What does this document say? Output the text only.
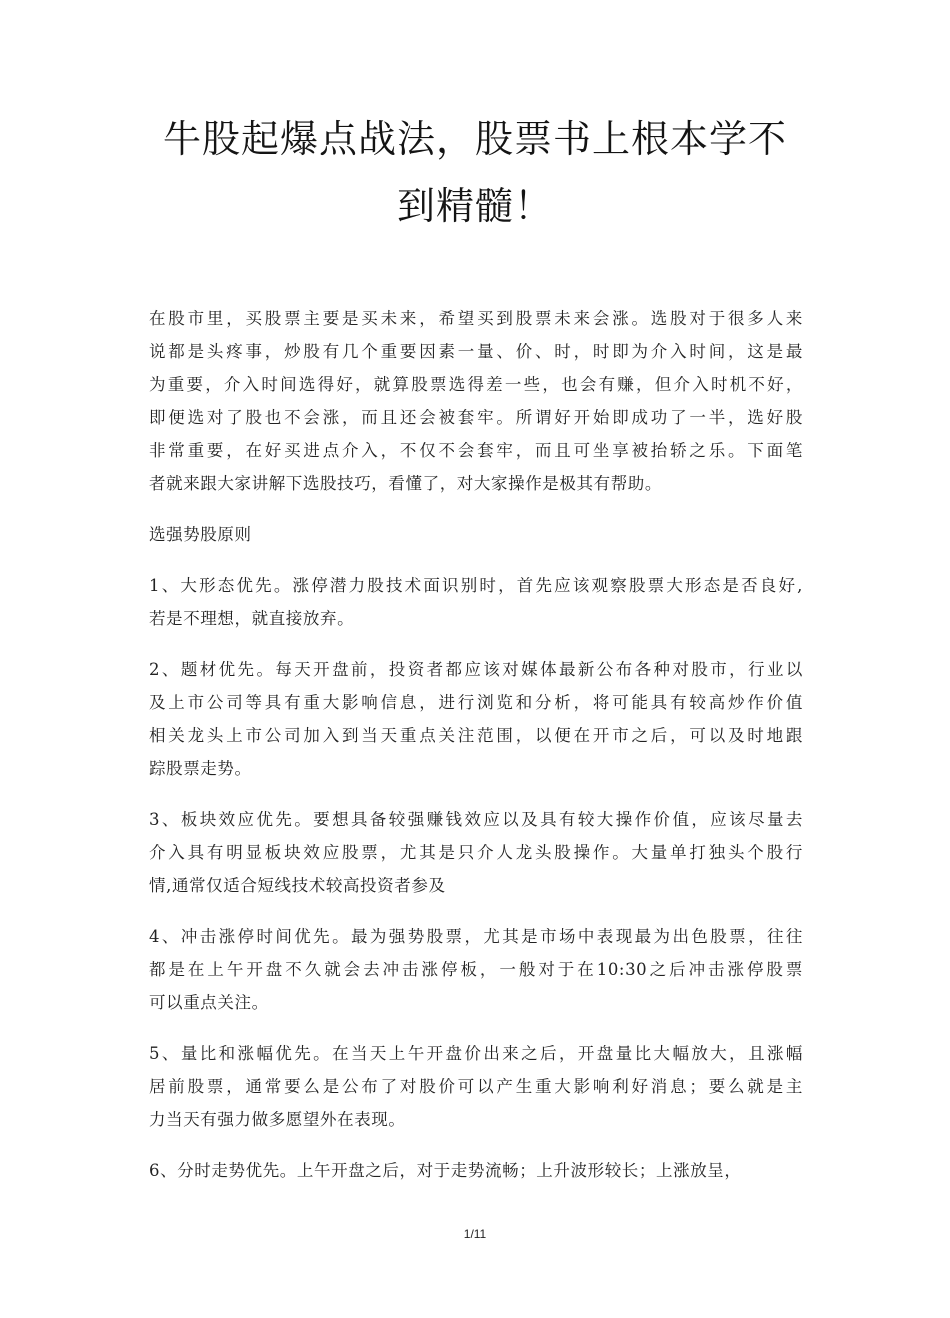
牛股起爆点战法，股票书上根本学不
到精髓！
在股市里，买股票主要是买未来，希望买到股票未来会涨。选股对于很多人来
说都是头疼事，炒股有几个重要因素一量、价、时，时即为介入时间，这是最
为重要，介入时间选得好，就算股票选得差一些，也会有赚，但介入时机不好，
即便选对了股也不会涨，而且还会被套牢。所谓好开始即成功了一半，选好股
非常重要，在好买进点介入，不仅不会套牢，而且可坐享被抬轿之乐。下面笔
者就来跟大家讲解下选股技巧，看懂了，对大家操作是极其有帮助。
选强势股原则
1、大形态优先。涨停潜力股技术面识别时，首先应该观察股票大形态是否良好,
若是不理想，就直接放弃。
2、题材优先。每天开盘前，投资者都应该对媒体最新公布各种对股市，行业以
及上市公司等具有重大影响信息，进行浏览和分析，将可能具有较高炒作价值
相关龙头上市公司加入到当天重点关注范围，以便在开市之后，可以及时地跟
踪股票走势。
3、板块效应优先。要想具备较强赚钱效应以及具有较大操作价值，应该尽量去
介入具有明显板块效应股票，尤其是只介人龙头股操作。大量单打独头个股行
情,通常仅适合短线技术较高投资者参及
4、冲击涨停时间优先。最为强势股票，尤其是市场中表现最为出色股票，往往
都是在上午开盘不久就会去冲击涨停板，一般对于在10:30之后冲击涨停股票
可以重点关注。
5、量比和涨幅优先。在当天上午开盘价出来之后，开盘量比大幅放大，且涨幅
居前股票，通常要么是公布了对股价可以产生重大影响利好消息；要么就是主
力当天有强力做多愿望外在表现。
6、分时走势优先。上午开盘之后，对于走势流畅；上升波形较长；上涨放呈，
1/11
